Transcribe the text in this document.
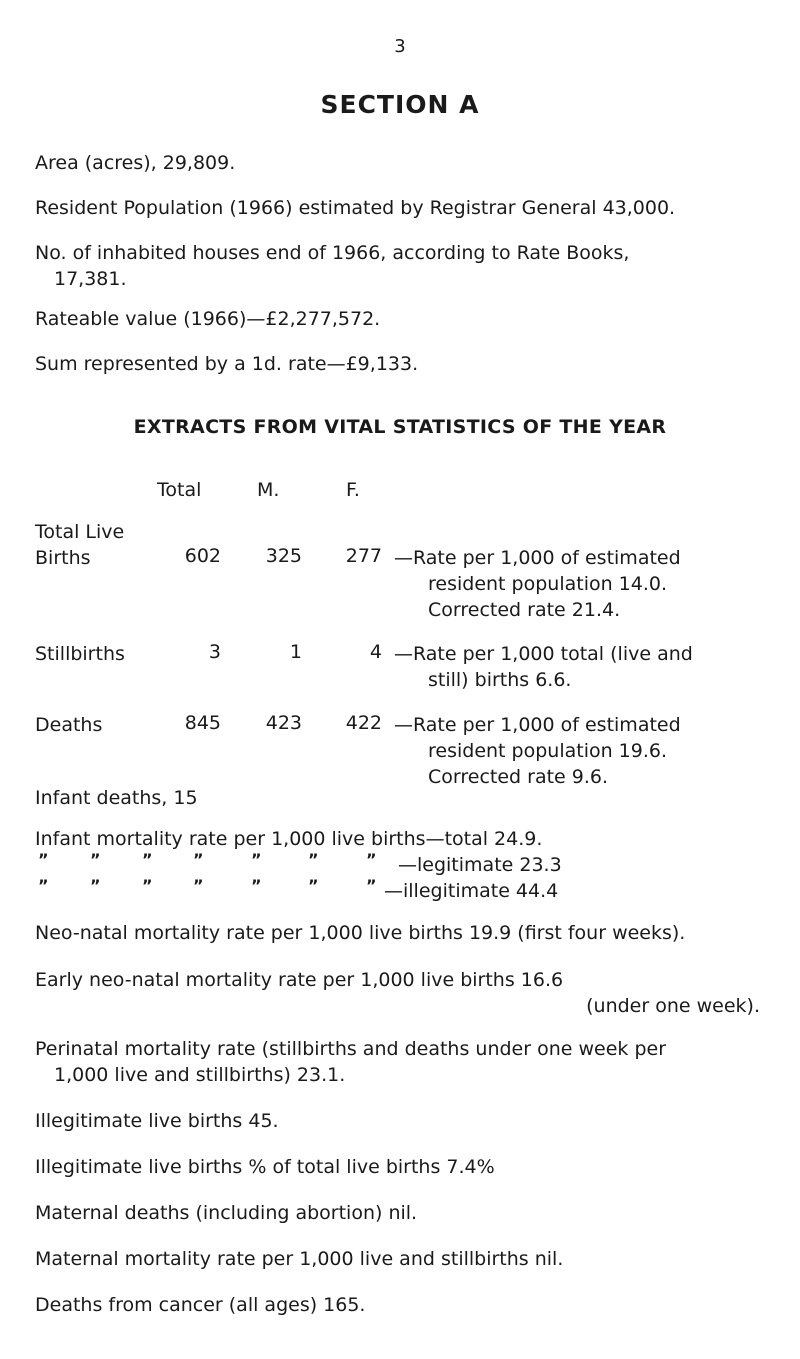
3
SECTION A
Area (acres), 29,809.
Resident Population (1966) estimated by Registrar General 43,000.
No. of inhabited houses end of 1966, according to Rate Books,
17,381.
Rateable value (1966)—£2,277,572.
Sum represented by a 1d. rate—£9,133.
EXTRACTS FROM VITAL STATISTICS OF THE YEAR
Total	M.	F.
Total Live
Births	602	325	277 —Rate per 1,000 of estimated
resident population 14.0.
Corrected rate 21.4.
Stillbirths	3	1	4 —Rate per 1,000 total (live and
still) births 6.6.
Deaths	845	423	422 —Rate per 1,000 of estimated
resident population 19.6.
Corrected rate 9.6.
Infant deaths, 15
Infant mortality rate per 1,000 live births—total 24.9.
”	”	”	”	”	”	” —legitimate 23.3
”	”	”	”	”	”	” —illegitimate 44.4
Neo-natal mortality rate per 1,000 live births 19.9 (first four weeks).
Early neo-natal mortality rate per 1,000 live births 16.6
(under one week).
Perinatal mortality rate (stillbirths and deaths under one week per
1,000 live and stillbirths) 23.1.
Illegitimate live births 45.
Illegitimate live births % of total live births 7.4%
Maternal deaths (including abortion) nil.
Maternal mortality rate per 1,000 live and stillbirths nil.
Deaths from cancer (all ages) 165.
